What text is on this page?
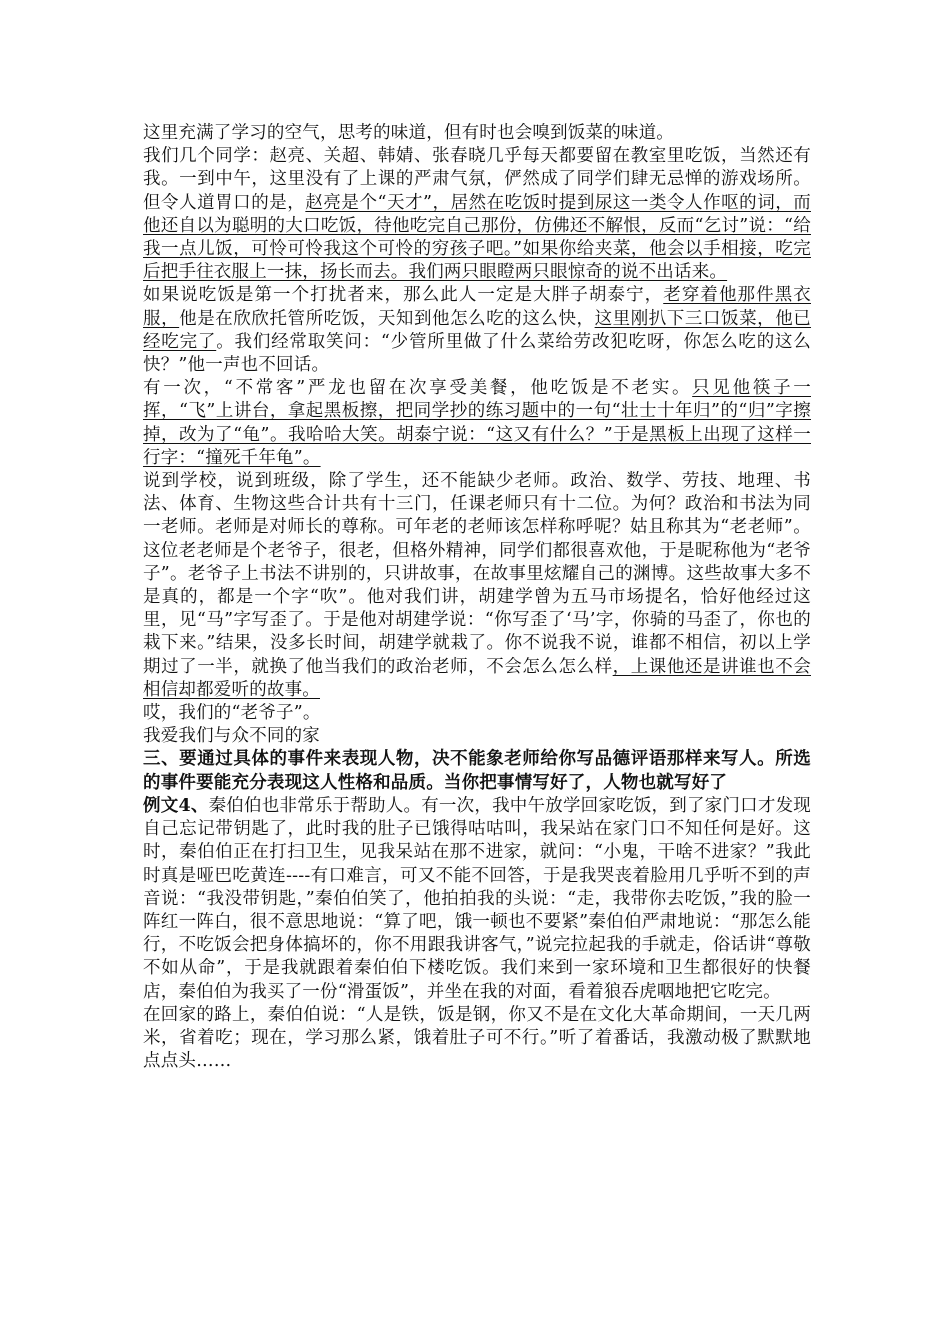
这里充满了学习的空气，思考的味道，但有时也会嗅到饭菜的味道。

我们几个同学：赵亮、关超、韩婧、张春晓几乎每天都要留在教室里吃饭，当然还有我。一到中午，这里没有了上课的严肃气氛，俨然成了同学们肆无忌惮的游戏场所。但令人道胃口的是，赵亮是个“天才”，居然在吃饭时提到尿这一类令人作呕的词，而他还自以为聪明的大口吃饭，待他吃完自己那份，仿佛还不解恨，反而“乞讨”说：“给我一点儿饭，可怜可怜我这个可怜的穷孩子吧。”如果你给夹菜，他会以手相接，吃完后把手往衣服上一抹，扬长而去。我们两只眼瞪两只眼惊奇的说不出话来。

如果说吃饭是第一个打扰者来，那么此人一定是大胖子胡泰宁，老穿着他那件黑衣服，他是在欣欣托管所吃饭，天知到他怎么吃的这么快，这里刚扒下三口饭菜，他已经吃完了。我们经常取笑问：“少管所里做了什么菜给劳改犯吃呀，你怎么吃的这么快？”他一声也不回话。

有一次，“不常客”严龙也留在次享受美餐，他吃饭是不老实。只见他筷子一挥，“飞”上讲台，拿起黑板擦，把同学抄的练习题中的一句“壮士十年归”的“归”字擦掉，改为了“龟”。我哈哈大笑。胡泰宁说：“这又有什么？”于是黑板上出现了这样一行字：“撞死千年龟”。

说到学校，说到班级，除了学生，还不能缺少老师。政治、数学、劳技、地理、书法、体育、生物这些合计共有十三门，任课老师只有十二位。为何？政治和书法为同一老师。老师是对师长的尊称。可年老的老师该怎样称呼呢？姑且称其为“老老师”。这位老老师是个老爷子，很老，但格外精神，同学们都很喜欢他，于是昵称他为“老爷子”。老爷子上书法不讲别的，只讲故事，在故事里炫耀自己的渊博。这些故事大多不是真的，都是一个字“吹”。他对我们讲，胡建学曾为五马市场提名，恰好他经过这里，见“马”字写歪了。于是他对胡建学说：“你写歪了‘马’字，你骑的马歪了，你也的栽下来。”结果，没多长时间，胡建学就栽了。你不说我不说，谁都不相信，初以上学期过了一半，就换了他当我们的政治老师，不会怎么怎么样，上课他还是讲谁也不会相信却都爱听的故事。

哎，我们的“老爷子”。

我爱我们与众不同的家

三、要通过具体的事件来表现人物，决不能象老师给你写品德评语那样来写人。所选的事件要能充分表现这人性格和品质。当你把事情写好了，人物也就写好了

例文4、秦伯伯也非常乐于帮助人。有一次，我中午放学回家吃饭，到了家门口才发现自己忘记带钥匙了，此时我的肚子已饿得咕咕叫，我呆站在家门口不知任何是好。这时，秦伯伯正在打扫卫生，见我呆站在那不进家，就问：“小鬼，干啥不进家？”我此时真是哑巴吃黄连----有口难言，可又不能不回答，于是我哭丧着脸用几乎听不到的声音说：“我没带钥匙，”秦伯伯笑了，他拍拍我的头说：“走，我带你去吃饭，”我的脸一阵红一阵白，很不意思地说：“算了吧，饿一顿也不要紧”秦伯伯严肃地说：“那怎么能行，不吃饭会把身体搞坏的，你不用跟我讲客气，”说完拉起我的手就走，俗话讲“尊敬不如从命”，于是我就跟着秦伯伯下楼吃饭。我们来到一家环境和卫生都很好的快餐店，秦伯伯为我买了一份“滑蛋饭”，并坐在我的对面，看着狼吞虎咽地把它吃完。

在回家的路上，秦伯伯说：“人是铁，饭是钢，你又不是在文化大革命期间，一天几两米，省着吃；现在，学习那么紧，饿着肚子可不行。”听了着番话，我激动极了默默地点点头……
